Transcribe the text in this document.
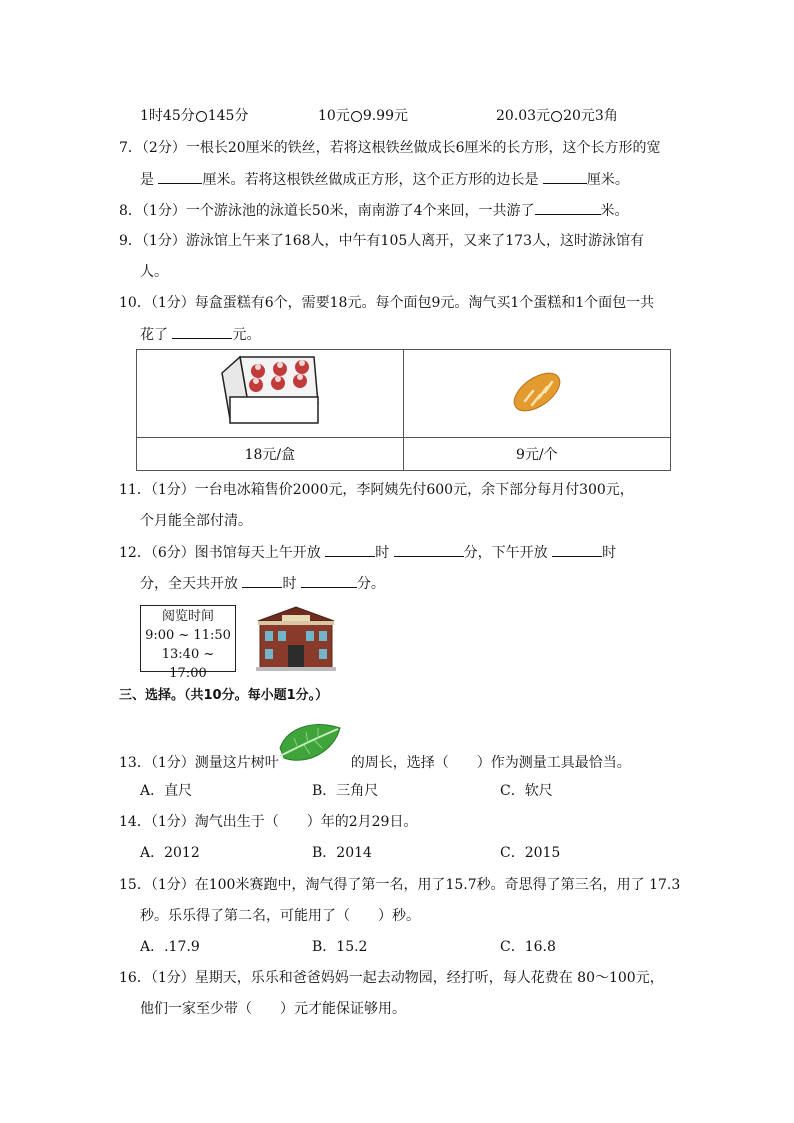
1时45分 145分	10元 9.99元	20.03元 20元3角
7．（2分）一根长20厘米的铁丝，若将这根铁丝做成长6厘米的长方形，这个长方形的宽
是	厘米。若将这根铁丝做成正方形，这个正方形的边长是	厘米。
8．（1分）一个游泳池的泳道长50米，南南游了4个来回，一共游了	米。
9．（1分）游泳馆上午来了168人，中午有105人离开，又来了173人，这时游泳馆有
人。
10．（1分）每盒蛋糕有6个，需要18元。每个面包9元。淘气买1个蛋糕和1个面包一共
花了	元。

18元/盒	9元/个
11．（1分）一台电冰箱售价2000元，李阿姨先付600元，余下部分每月付300元，
个月能全部付清。
12．（6分）图书馆每天上午开放	时	分，下午开放	时
分，全天共开放	时	分。
阅览时间
9:00 ~ 11:50
13:40 ~ 17:00
三、选择。（共10分。每小题1分。）
13．（1分）测量这片树叶	的周长，选择（　　）作为测量工具最恰当。
A．直尺	B．三角尺	C．软尺
14．（1分）淘气出生于（　　）年的2月29日。
A．2012	B．2014	C．2015
15．（1分）在100米赛跑中，淘气得了第一名，用了15.7秒。奇思得了第三名，用了 17.3
秒。乐乐得了第二名，可能用了（　　）秒。
A．.17.9	B．15.2	C．16.8
16．（1分）星期天，乐乐和爸爸妈妈一起去动物园，经打听，每人花费在 80～100元，
他们一家至少带（　　）元才能保证够用。
